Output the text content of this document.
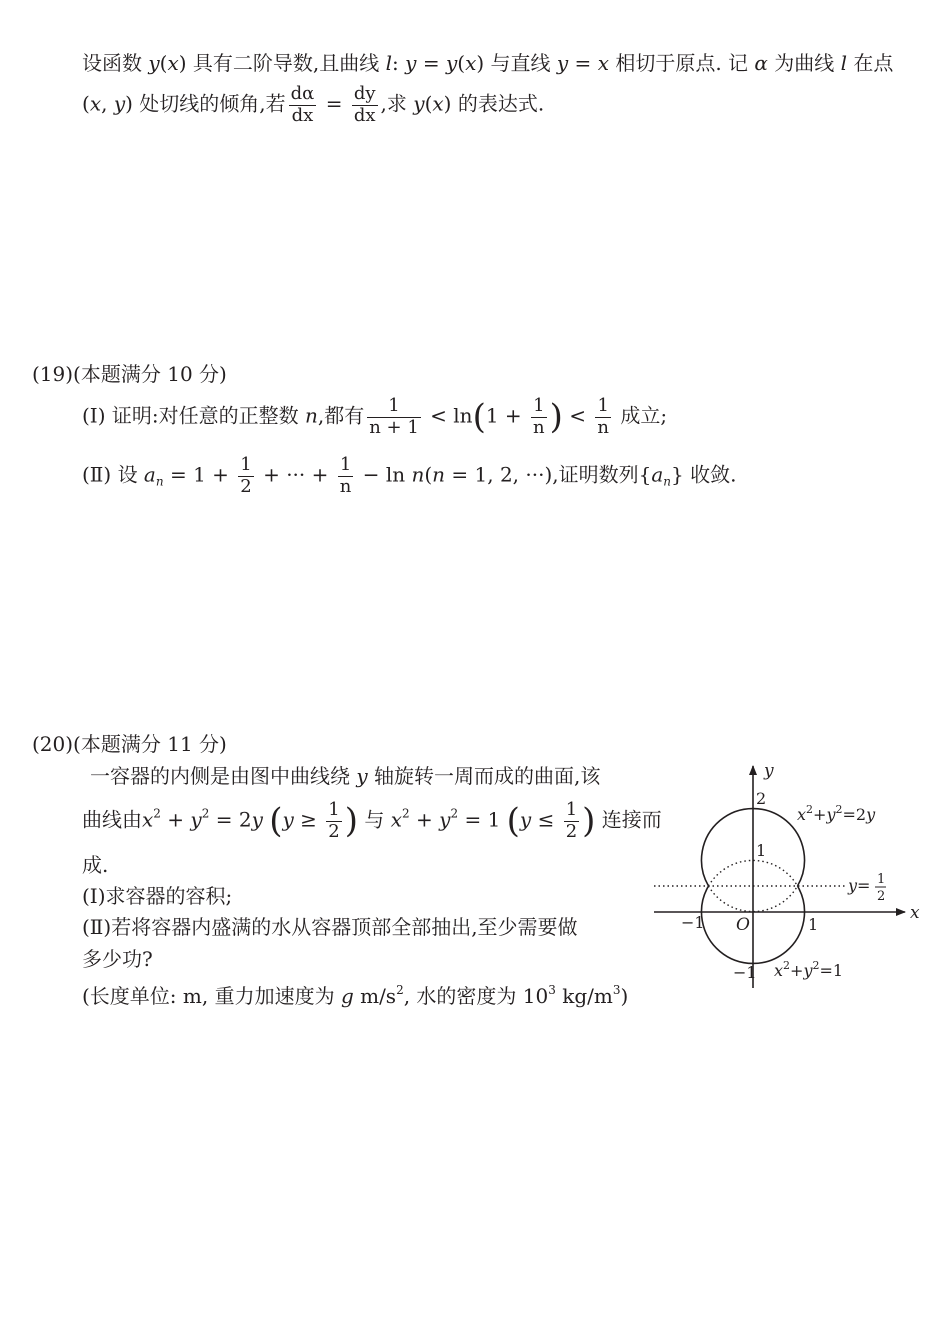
设函数 y(x) 具有二阶导数,且曲线 l: y = y(x) 与直线 y = x 相切于原点. 记 α 为曲线 l 在点
(x, y) 处切线的倾角,若 $\frac{d\alpha}{dx} = \frac{dy}{dx}$ ,求 y(x) 的表达式.
(19)(本题满分 10 分)
(Ⅰ) 证明:对任意的正整数 n,都有 $\frac{1}{n + 1} < \ln(1 + \frac{1}{n}$ ) < $\frac{1}{n}$ 成立;
(Ⅱ) 设 $a_n = 1 + \frac{1}{2}$ + ··· + $\frac{1}{n} - \ln n(n = 1$, 2, ···),证明数列$\{a_n\}$ 收敛.
(20)(本题满分 11 分)
一容器的内侧是由图中曲线绕 y 轴旋转一周而成的曲面,该
曲线由$x^2 + y^2 = 2y$ ($y \ge \frac{1}{2}$ ) 与 $x^2 + y^2 = 1$ ($y \le \frac{1}{2}$ ) 连接而
成.
(Ⅰ)求容器的容积;
(Ⅱ)若将容器内盛满的水从容器顶部全部抽出,至少需要做
多少功?
(长度单位: m, 重力加速度为 g $m/s^2$, 水的密度为 $10^3$ $kg/m^3$)
y
x
O
2
1
−1	1
−1
$x^2+y^2=2y$
$x^2+y^2=1$
y= 1
2
